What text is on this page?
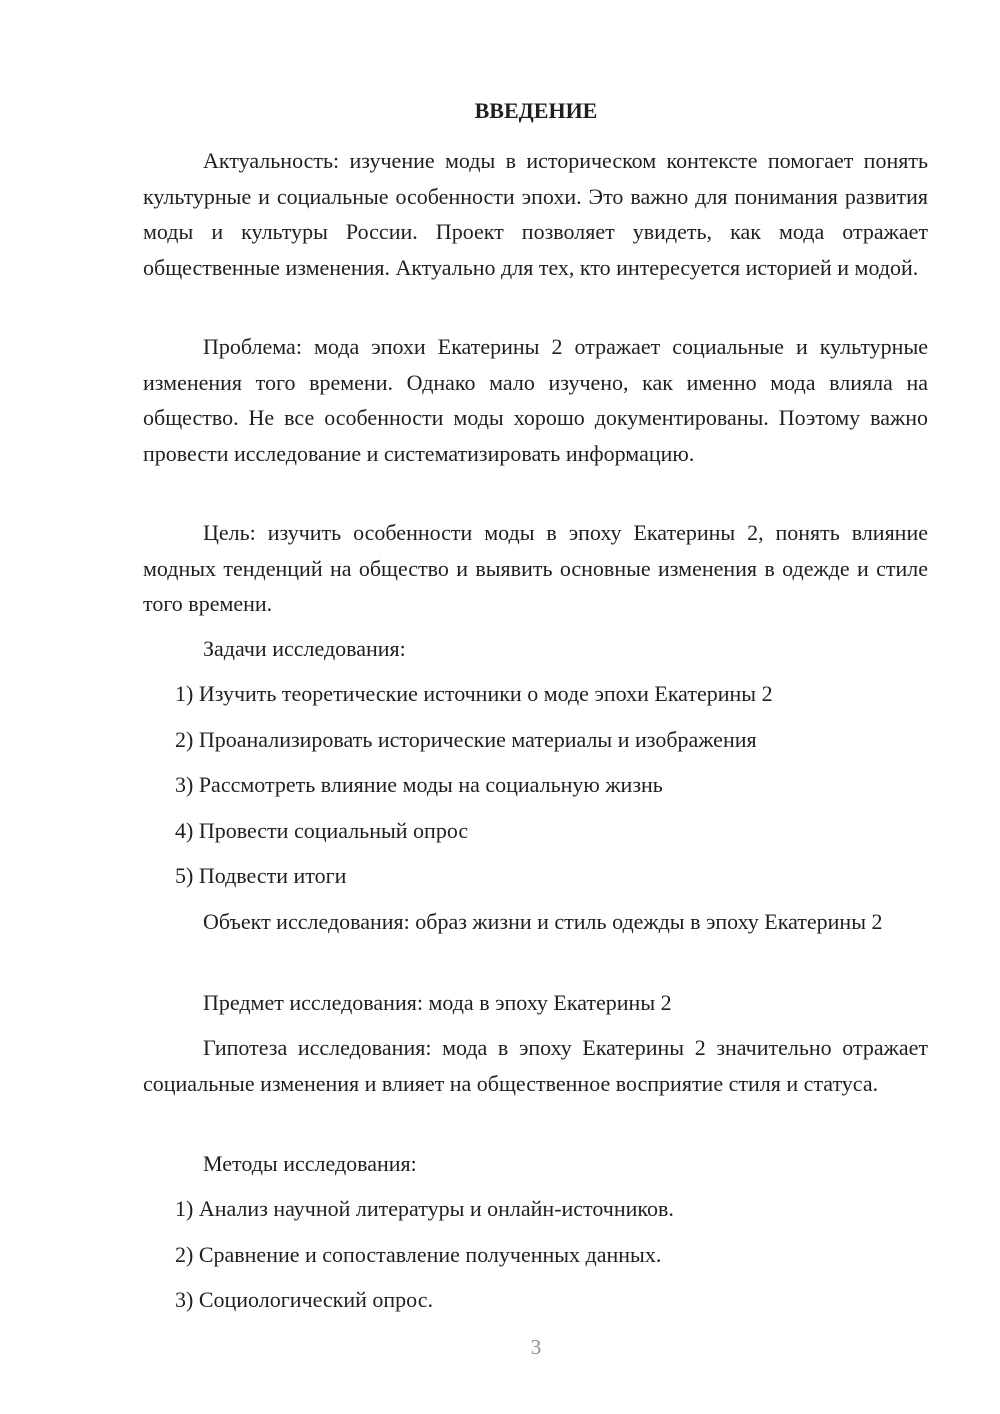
ВВЕДЕНИЕ

Актуальность: изучение моды в историческом контексте помогает понять культурные и социальные особенности эпохи. Это важно для понимания развития моды и культуры России. Проект позволяет увидеть, как мода отражает общественные изменения. Актуально для тех, кто интересуется историей и модой.

Проблема: мода эпохи Екатерины 2 отражает социальные и культурные изменения того времени. Однако мало изучено, как именно мода влияла на общество. Не все особенности моды хорошо документированы. Поэтому важно провести исследование и систематизировать информацию.

Цель: изучить особенности моды в эпоху Екатерины 2, понять влияние модных тенденций на общество и выявить основные изменения в одежде и стиле того времени.

Задачи исследования:

1) Изучить теоретические источники о моде эпохи Екатерины 2

2) Проанализировать исторические материалы и изображения

3) Рассмотреть влияние моды на социальную жизнь

4) Провести социальный опрос

5) Подвести итоги

Объект исследования: образ жизни и стиль одежды в эпоху Екатерины 2

Предмет исследования: мода в эпоху Екатерины 2

Гипотеза исследования: мода в эпоху Екатерины 2 значительно отражает социальные изменения и влияет на общественное восприятие стиля и статуса.

Методы исследования:

1) Анализ научной литературы и онлайн-источников.

2) Сравнение и сопоставление полученных данных.

3) Социологический опрос.

3
